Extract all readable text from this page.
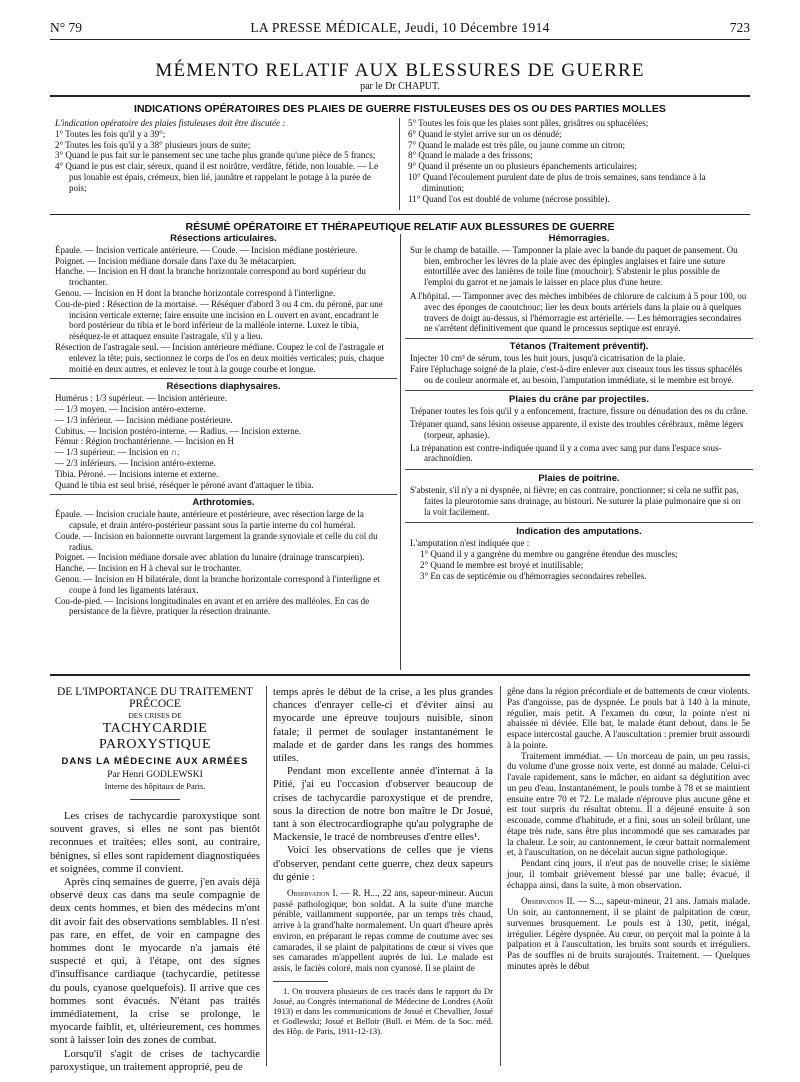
N° 79	LA PRESSE MÉDICALE, Jeudi, 10 Décembre 1914	723
MÉMENTO RELATIF AUX BLESSURES DE GUERRE
par le Dr CHAPUT.
INDICATIONS OPÉRATOIRES DES PLAIES DE GUERRE FISTULEUSES DES OS OU DES PARTIES MOLLES

L'indication opératoire des plaies fistuleuses doit être discutée :

1° Toutes les fois qu'il y a 39°;

2° Toutes les fois qu'il y a 38° plusieurs jours de suite;

3° Quand le pus fait sur le pansement sec une tache plus grande qu'une pièce de 5 francs;

4° Quand le pus est clair, séreux, quand il est noirâtre, verdâtre, fétide, non louable. — Le pus louable est épais, crémeux, bien lié, jaunâtre et rappelant le potage à la purée de pois;

5° Toutes les fois que les plaies sont pâles, grisâtres ou sphacélées;

6° Quand le stylet arrive sur un os dénudé;

7° Quand le malade est très pâle, ou jaune comme un citron;

8° Quand le malade a des frissons;

9° Quand il présente un ou plusieurs épanchements articulaires;

10° Quand l'écoulement purulent date de plus de trois semaines, sans tendance à la diminution;

11° Quand l'os est doublé de volume (nécrose possible).

RÉSUMÉ OPÉRATOIRE ET THÉRAPEUTIQUE RELATIF AUX BLESSURES DE GUERRE
Résections articulaires.

Épaule. — Incision verticale antérieure. — Coude. — Incision médiane postérieure.

Poignet. — Incision médiane dorsale dans l'axe du 3e métacarpien.

Hanche. — Incision en H dont la branche horizontale correspond au bord supérieur du trochanter.

Genou. — Incision en H dont la branche horizontale correspond à l'interligne.

Cou-de-pied : Résection de la mortaise. — Réséquer d'abord 3 ou 4 cm. du péroné, par une incision verticale externe; faire ensuite une incision en L ouvert en avant, encadrant le bord postérieur du tibia et le bord inférieur de la malléole interne. Luxez le tibia, réséquez-le et attaquez ensuite l'astragale, s'il y a lieu.

Résection de l'astragale seul. — Incision antérieure médiane. Coupez le col de l'astragale et enlevez la tête; puis, sectionnez le corps de l'os en deux moitiés verticales; puis, chaque moitié en deux autres, et enlevez le tout à la gouge courbe et longue.

Résections diaphysaires.

Humérus : 1/3 supérieur. — Incision antérieure.

— 1/3 moyen. — Incision antéro-externe.

— 1/3 inférieur. — Incision médiane postérieure.

Cubitus. — Incision postéro-interne. — Radius. — Incision externe.

Fémur : Région trochantérienne. — Incision en H

— 1/3 supérieur. — Incision en ∩.

— 2/3 inférieurs. — Incision antéro-externe.

Tibia. Péroné. — Incisions interne et externe.

Quand le tibia est seul brisé, réséquer le péroné avant d'attaquer le tibia.

Arthrotomies.

Épaule. — Incision cruciale haute, antérieure et postérieure, avec résection large de la capsule, et drain antéro-postérieur passant sous la partie interne du col huméral.

Coude. — Incision en baïonnette ouvrant largement la grande synoviale et celle du col du radius.

Poignet. — Incision médiane dorsale avec ablation du lunaire (drainage transcarpien).

Hanche. — Incision en H à cheval sur le trochanter.

Genou. — Incision en H bilatérale, dont la branche horizontale correspond à l'interligne et coupe à fond les ligaments latéraux.

Cou-de-pied. — Incisions longitudinales en avant et en arrière des malléoles. En cas de persistance de la fièvre, pratiquer la résection drainante.

Hémorragies.

Sur le champ de bataille. — Tamponner la plaie avec la bande du paquet de pansement. Ou bien, embrocher les lèvres de la plaie avec des épingles anglaises et faire une suture entortillée avec des lanières de toile fine (mouchoir). S'abstenir le plus possible de l'emploi du garrot et ne jamais le laisser en place plus d'une heure.

A l'hôpital. — Tamponner avec des mèches imbibées de chlorure de calcium à 5 pour 100, ou avec des éponges de caoutchouc; lier les deux bouts artériels dans la plaie ou à quelques travers de doigt au-dessus, si l'hémorragie est artérielle. — Les hémorragies secondaires ne s'arrêtent définitivement que quand le processus septique est enrayé.

Tétanos (Traitement préventif).

Injecter 10 cm³ de sérum, tous les huit jours, jusqu'à cicatrisation de la plaie.

Faire l'épluchage soigné de la plaie, c'est-à-dire enlever aux ciseaux tous les tissus sphacélés ou de couleur anormale et, au besoin, l'amputation immédiate, si le membre est broyé.

Plaies du crâne par projectiles.

Trépaner toutes les fois qu'il y a enfoncement, fracture, fissure ou dénudation des os du crâne.

Trépaner quand, sans lésion osseuse apparente, il existe des troubles cérébraux, même légers (torpeur, aphasie).

La trépanation est contre-indiquée quand il y a coma avec sang pur dans l'espace sous-arachnoïdien.

Plaies de poitrine.

S'abstenir, s'il n'y a ni dyspnée, ni fièvre; en cas contraire, ponctionner; si cela ne suffit pas, faites la pleurotomie sans drainage, au bistouri. Ne suturer la plaie pulmonaire que si on la voit facilement.

Indication des amputations.

L'amputation n'est indiquée que :

1° Quand il y a gangrène du membre ou gangrène étendue des muscles;

2° Quand le membre est broyé et inutilisable;

3° En cas de septicémie ou d'hémorragies secondaires rebelles.

DE L'IMPORTANCE DU TRAITEMENT PRÉCOCE
DES CRISES DE
TACHYCARDIE PAROXYSTIQUE
DANS LA MÉDECINE AUX ARMÉES
Par Henri GODLEWSKI
Interne des hôpitaux de Paris.

Les crises de tachycardie paroxystique sont souvent graves, si elles ne sont pas bientôt reconnues et traitées; elles sont, au contraire, bénignes, si elles sont rapidement diagnostiquées et soignées, comme il convient.

Après cinq semaines de guerre, j'en avais déjà observé deux cas dans ma seule compagnie de deux cents hommes, et bien des médecins m'ont dit avoir fait des observations semblables. Il n'est pas rare, en effet, de voir en campagne des hommes dont le myocarde n'a jamais été suspecté et qui, à l'étape, ont des signes d'insuffisance cardiaque (tachycardie, petitesse du pouls, cyanose quelquefois). Il arrive que ces hommes sont évacués. N'étant pas traités immédiatement, la crise se prolonge, le myocarde faiblit, et, ultérieurement, ces hommes sont à laisser loin des zones de combat.

Lorsqu'il s'agit de crises de tachycardie paroxystique, un traitement approprié, peu de

temps après le début de la crise, a les plus grandes chances d'enrayer celle-ci et d'éviter ainsi au myocarde une épreuve toujours nuisible, sinon fatale; il permet de soulager instantanément le malade et de garder dans les rangs des hommes utiles.

Pendant mon excellente année d'internat à la Pitié, j'ai eu l'occasion d'observer beaucoup de crises de tachycardie paroxystique et de prendre, sous la direction de notre bon maître le Dr Josué, tant à son électrocardiographe qu'au polygraphe de Mackensie, le tracé de nombreuses d'entre elles¹.

Voici les observations de celles que je viens d'observer, pendant cette guerre, chez deux sapeurs du génie :

Observation I. — R. H..., 22 ans, sapeur-mineur. Aucun passé pathologique; bon soldat. A la suite d'une marche pénible, vaillamment supportée, par un temps très chaud, arrive à la grand'halte normalement. Un quart d'heure après environ, en préparant le repas comme de coutume avec ses camarades, il se plaint de palpitations de cœur si vives que ses camarades m'appellent auprès de lui. Le malade est assis, le faciès coloré, mais non cyanosé. Il se plaint de
1. On trouvera plusieurs de ces tracés dans le rapport du Dr Josué, au Congrès international de Médecine de Londres (Août 1913) et dans les communications de Josué et Chevallier, Josué et Godlewski; Josué et Belloir (Bull. et Mém. de la Soc. méd. des Hôp. de Paris, 1911-12-13).

gêne dans la région précordiale et de battements de cœur violents. Pas d'angoisse, pas de dyspnée. Le pouls bat à 140 à la minute, régulier, mais petit. A l'examen du cœur, la pointe n'est ni abaissée ni déviée. Elle bat, le malade étant debout, dans le 5e espace intercostal gauche. A l'auscultation : premier bruit assourdi à la pointe.

Traitement immédiat. — Un morceau de pain, un peu rassis, du volume d'une grosse noix verte, est donné au malade. Celui-ci l'avale rapidement, sans le mâcher, en aidant sa déglutition avec un peu d'eau. Instantanément, le pouls tombe à 78 et se maintient ensuite entre 70 et 72. Le malade n'éprouve plus aucune gêne et est tout surpris du résultat obtenu. Il a déjeuné ensuite à son escouade, comme d'habitude, et a fini, sous un soleil brûlant, une étape très rude, sans être plus incommodé que ses camarades par la chaleur. Le soir, au cantonnement, le cœur battait normalement et, à l'auscultation, on ne décelait aucun signe pathologique.

Pendant cinq jours, il n'eut pas de nouvelle crise; le sixième jour, il tombait grièvement blessé par une balle; évacué, il échappa ainsi, dans la suite, à mon observation.

Observation II. — S..., sapeur-mineur, 21 ans. Jamais malade. Un soir, au cantonnement, il se plaint de palpitation de cœur, survenues brusquement. Le pouls est à 130, petit, inégal, irrégulier. Légère dyspnée. Au cœur, on perçoit mal la pointe à la palpation et à l'auscultation, les bruits sont sourds et irréguliers. Pas de souffles ni de bruits surajoutés. Traitement. — Quelques minutes après le début
